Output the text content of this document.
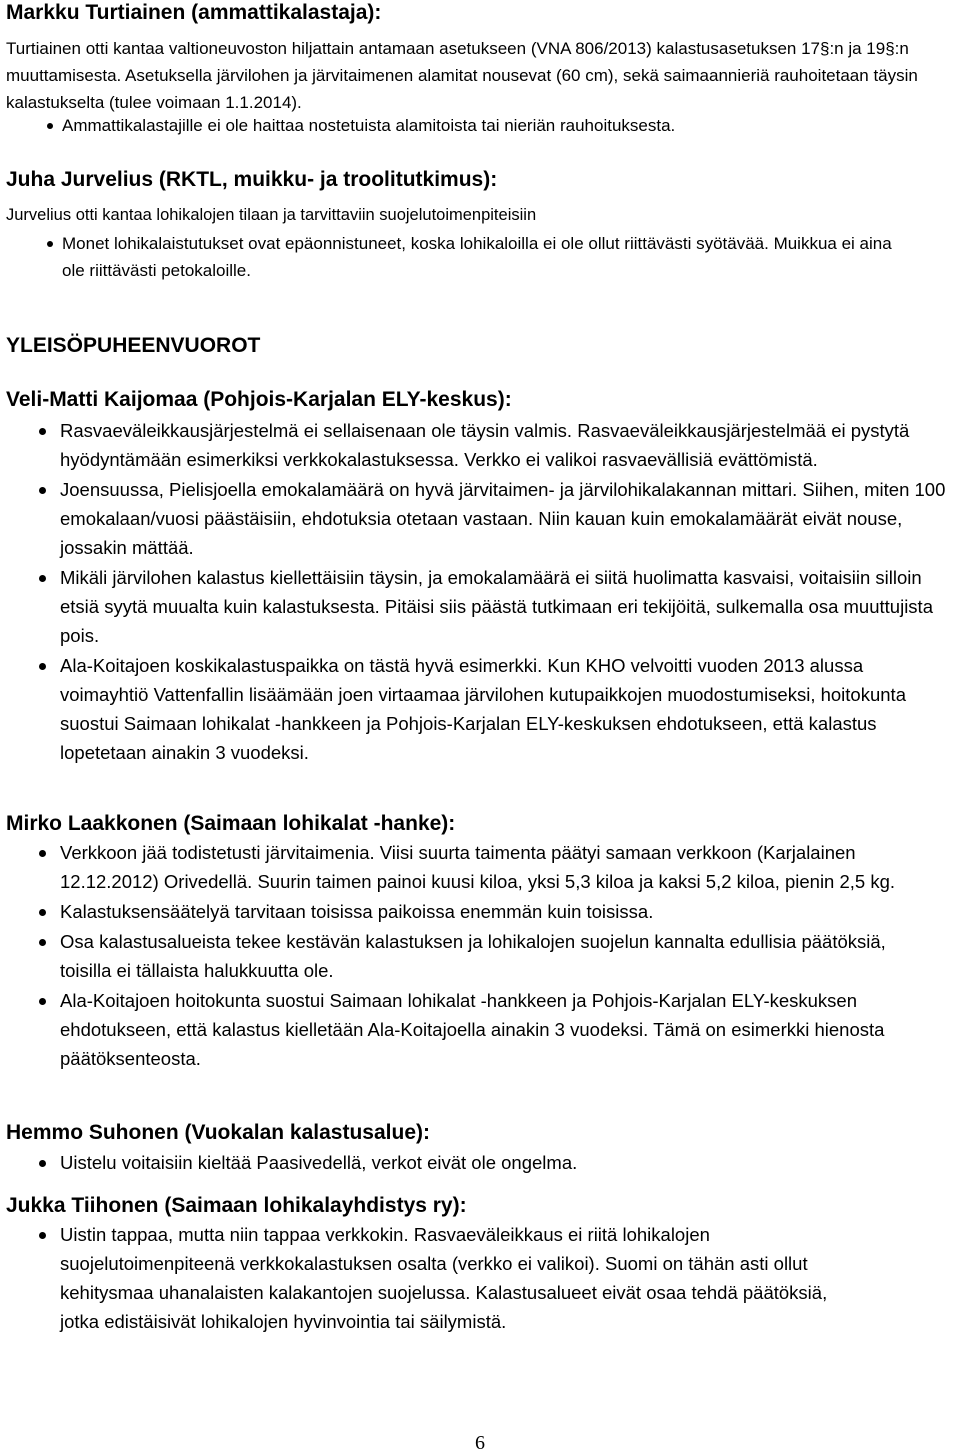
Markku Turtiainen (ammattikalastaja):

Turtiainen otti kantaa valtioneuvoston hiljattain antamaan asetukseen (VNA 806/2013) kalastusasetuksen 17§:n ja 19§:n muuttamisesta. Asetuksella järvilohen ja järvitaimenen alamitat nousevat (60 cm), sekä saimaannieriä rauhoitetaan täysin kalastukselta (tulee voimaan 1.1.2014).

Ammattikalastajille ei ole haittaa nostetuista alamitoista tai nieriän rauhoituksesta.
Juha Jurvelius (RKTL, muikku- ja troolitutkimus):

Jurvelius otti kantaa lohikalojen tilaan ja tarvittaviin suojelutoimenpiteisiin

Monet lohikalaistutukset ovat epäonnistuneet, koska lohikaloilla ei ole ollut riittävästi syötävää. Muikkua ei aina ole riittävästi petokaloille.
YLEISÖPUHEENVUOROT
Veli-Matti Kaijomaa (Pohjois-Karjalan ELY-keskus):
Rasvaeväleikkausjärjestelmä ei sellaisenaan ole täysin valmis. Rasvaeväleikkausjärjestelmää ei pystytä hyödyntämään esimerkiksi verkkokalastuksessa. Verkko ei valikoi rasvaevällisiä evättömistä.
Joensuussa, Pielisjoella emokalamäärä on hyvä järvitaimen- ja järvilohikalakannan mittari. Siihen, miten 100 emokalaan/vuosi päästäisiin, ehdotuksia otetaan vastaan. Niin kauan kuin emokalamäärät eivät nouse, jossakin mättää.
Mikäli järvilohen kalastus kiellettäisiin täysin, ja emokalamäärä ei siitä huolimatta kasvaisi, voitaisiin silloin etsiä syytä muualta kuin kalastuksesta. Pitäisi siis päästä tutkimaan eri tekijöitä, sulkemalla osa muuttujista pois.
Ala-Koitajoen koskikalastuspaikka on tästä hyvä esimerkki. Kun KHO velvoitti vuoden 2013 alussa voimayhtiö Vattenfallin lisäämään joen virtaamaa järvilohen kutupaikkojen muodostumiseksi, hoitokunta suostui Saimaan lohikalat -hankkeen ja Pohjois-Karjalan ELY-keskuksen ehdotukseen, että kalastus lopetetaan ainakin 3 vuodeksi.
Mirko Laakkonen (Saimaan lohikalat -hanke):
Verkkoon jää todistetusti järvitaimenia. Viisi suurta taimenta päätyi samaan verkkoon (Karjalainen 12.12.2012) Orivedellä. Suurin taimen painoi kuusi kiloa, yksi 5,3 kiloa ja kaksi 5,2 kiloa, pienin 2,5 kg.
Kalastuksensäätelyä tarvitaan toisissa paikoissa enemmän kuin toisissa.
Osa kalastusalueista tekee kestävän kalastuksen ja lohikalojen suojelun kannalta edullisia päätöksiä, toisilla ei tällaista halukkuutta ole.
Ala-Koitajoen hoitokunta suostui Saimaan lohikalat -hankkeen ja Pohjois-Karjalan ELY-keskuksen ehdotukseen, että kalastus kielletään Ala-Koitajoella ainakin 3 vuodeksi. Tämä on esimerkki hienosta päätöksenteosta.
Hemmo Suhonen (Vuokalan kalastusalue):
Uistelu voitaisiin kieltää Paasivedellä, verkot eivät ole ongelma.
Jukka Tiihonen (Saimaan lohikalayhdistys ry):
Uistin tappaa, mutta niin tappaa verkkokin. Rasvaeväleikkaus ei riitä lohikalojen suojelutoimenpiteenä verkkokalastuksen osalta (verkko ei valikoi). Suomi on tähän asti ollut kehitysmaa uhanalaisten kalakantojen suojelussa. Kalastusalueet eivät osaa tehdä päätöksiä, jotka edistäisivät lohikalojen hyvinvointia tai säilymistä.
6
